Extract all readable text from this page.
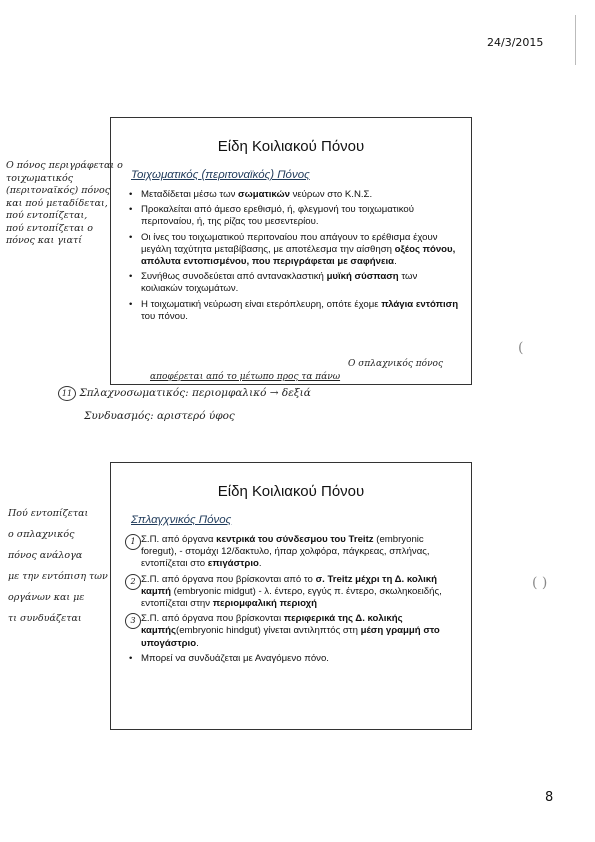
24/3/2015
Είδη Κοιλιακού Πόνου
Τοιχωματικός (περιτοναϊκός) Πόνος
• Μεταδίδεται μέσω των σωματικών νεύρων στο Κ.Ν.Σ.
• Προκαλείται από άμεσο ερεθισμό, ή, φλεγμονή του τοιχωματικού περιτοναίου, ή, της ρίζας του μεσεντερίου.
• Οι ίνες του τοιχωματικού περιτοναίου που απάγουν το ερέθισμα έχουν μεγάλη ταχύτητα μεταβίβασης, με αποτέλεσμα την αίσθηση οξέος πόνου, απόλυτα εντοπισμένου, που περιγράφεται με σαφήνεια.
• Συνήθως συνοδεύεται από αντανακλαστική μυϊκή σύσπαση των κοιλιακών τοιχωμάτων.
• Η τοιχωματική νεύρωση είναι ετερόπλευρη, οπότε έχομε πλάγια εντόπιση του πόνου.
Είδη Κοιλιακού Πόνου
Σπλαγχνικός Πόνος
1 Σ.Π. από όργανα κεντρικά του σύνδεσμου του Treitz (embryonic foregut), - στομάχι 12/δακτυλο, ήπαρ χολφόρα, πάγκρεας, σπλήνας, εντοπίζεται στο επιγάστριο.
2 Σ.Π. από όργανα που βρίσκονται από το σ. Treitz μέχρι τη Δ. κολική καμπή (embryonic midgut) - λ. έντερο, εγγύς π. έντερο, σκωληκοειδής, εντοπίζεται στην περιομφαλική περιοχή
3 Σ.Π. από όργανα που βρίσκονται περιφερικά της Δ. κολικής καμπής(embryonic hindgut) γίνεται αντιληπτός στη μέση γραμμή στο υπογάστριο.
• Μπορεί να συνδυάζεται με Αναγόμενο πόνο.
Ο πόνος περιγράφεται ο
τοιχωματικός
(περιτοναϊκός) πόνος
και πού μεταδίδεται,
πού εντοπίζεται,
πού εντοπίζεται ο
πόνος και γιατί
Ο σπλαχνικός πόνος
αποφέρεται από το μέτωπο προς τα πάνω
11 Σπλαχνοσωματικός: περιομφαλικό → δεξιά
Συνδυασμός: αριστερό ύφος
Πού εντοπίζεται
ο σπλαχνικός
πόνος ανάλογα
με την εντόπιση των
οργάνων και με
τι συνδυάζεται
(
( )
8
